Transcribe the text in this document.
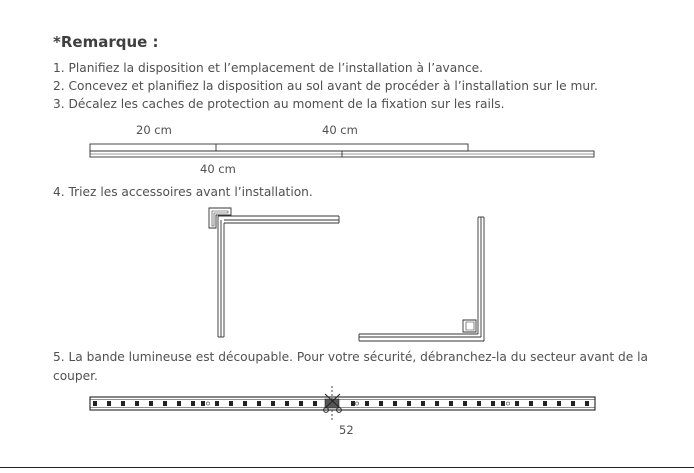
*Remarque :
1. Planifiez la disposition et l’emplacement de l’installation à l’avance.
2. Concevez et planifiez la disposition au sol avant de procéder à l’installation sur le mur.
3. Décalez les caches de protection au moment de la fixation sur les rails.
20 cm	40 cm
40 cm
4. Triez les accessoires avant l’installation.
5. La bande lumineuse est découpable. Pour votre sécurité, débranchez-la du secteur avant de la couper.
52
